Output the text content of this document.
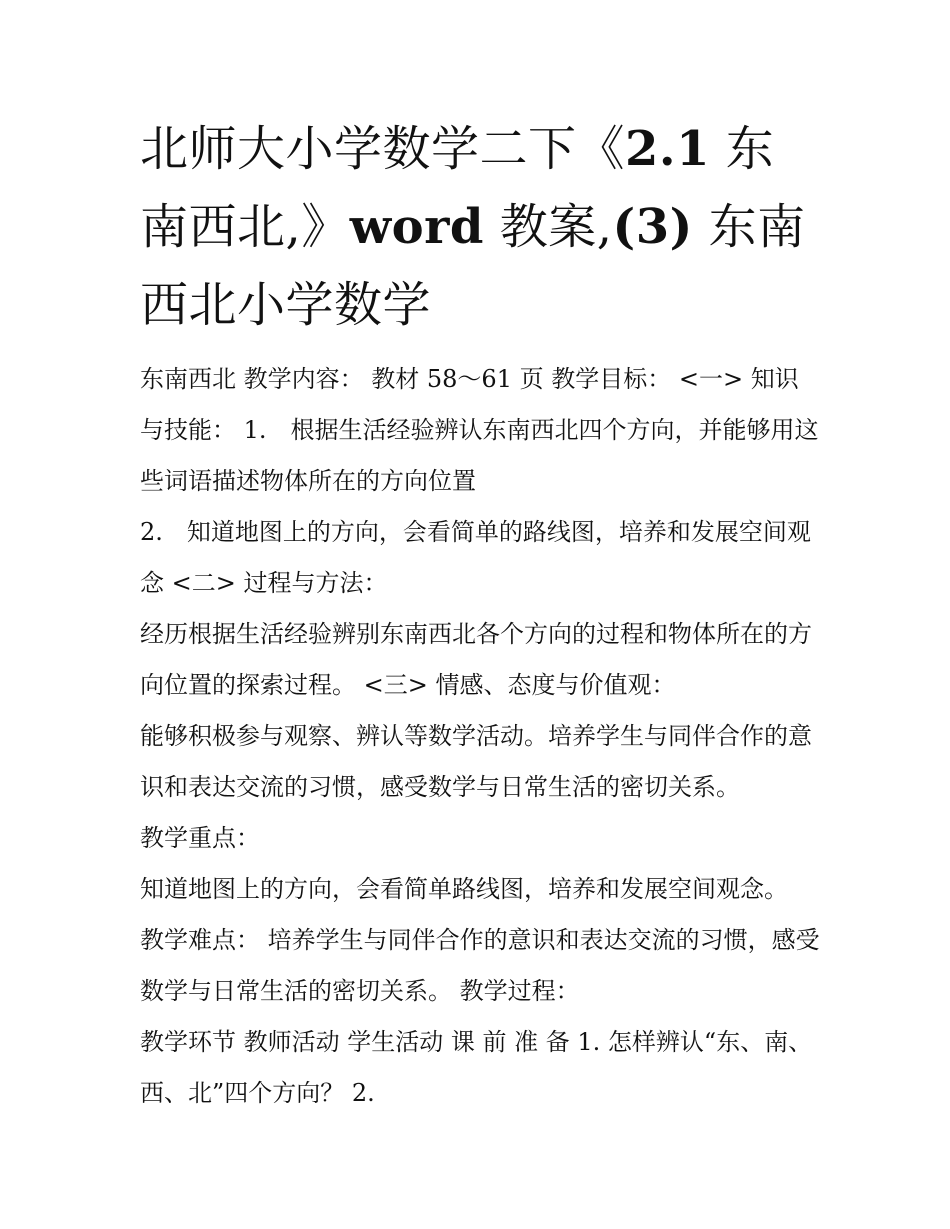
北师大小学数学二下《2.1 东南西北,》word 教案,(3) 东南西北小学数学

东南西北 教学内容： 教材 58～61 页 教学目标： <一> 知识与技能： 1.　根据生活经验辨认东南西北四个方向，并能够用这些词语描述物体所在的方向位置

2.　知道地图上的方向，会看简单的路线图，培养和发展空间观念 <二> 过程与方法：

经历根据生活经验辨别东南西北各个方向的过程和物体所在的方向位置的探索过程。 <三> 情感、态度与价值观：

能够积极参与观察、辨认等数学活动。培养学生与同伴合作的意识和表达交流的习惯，感受数学与日常生活的密切关系。

教学重点：

知道地图上的方向，会看简单路线图，培养和发展空间观念。

教学难点： 培养学生与同伴合作的意识和表达交流的习惯，感受数学与日常生活的密切关系。 教学过程：

教学环节 教师活动 学生活动 课 前 准 备 1. 怎样辨认“东、南、西、北”四个方向？ 2.
